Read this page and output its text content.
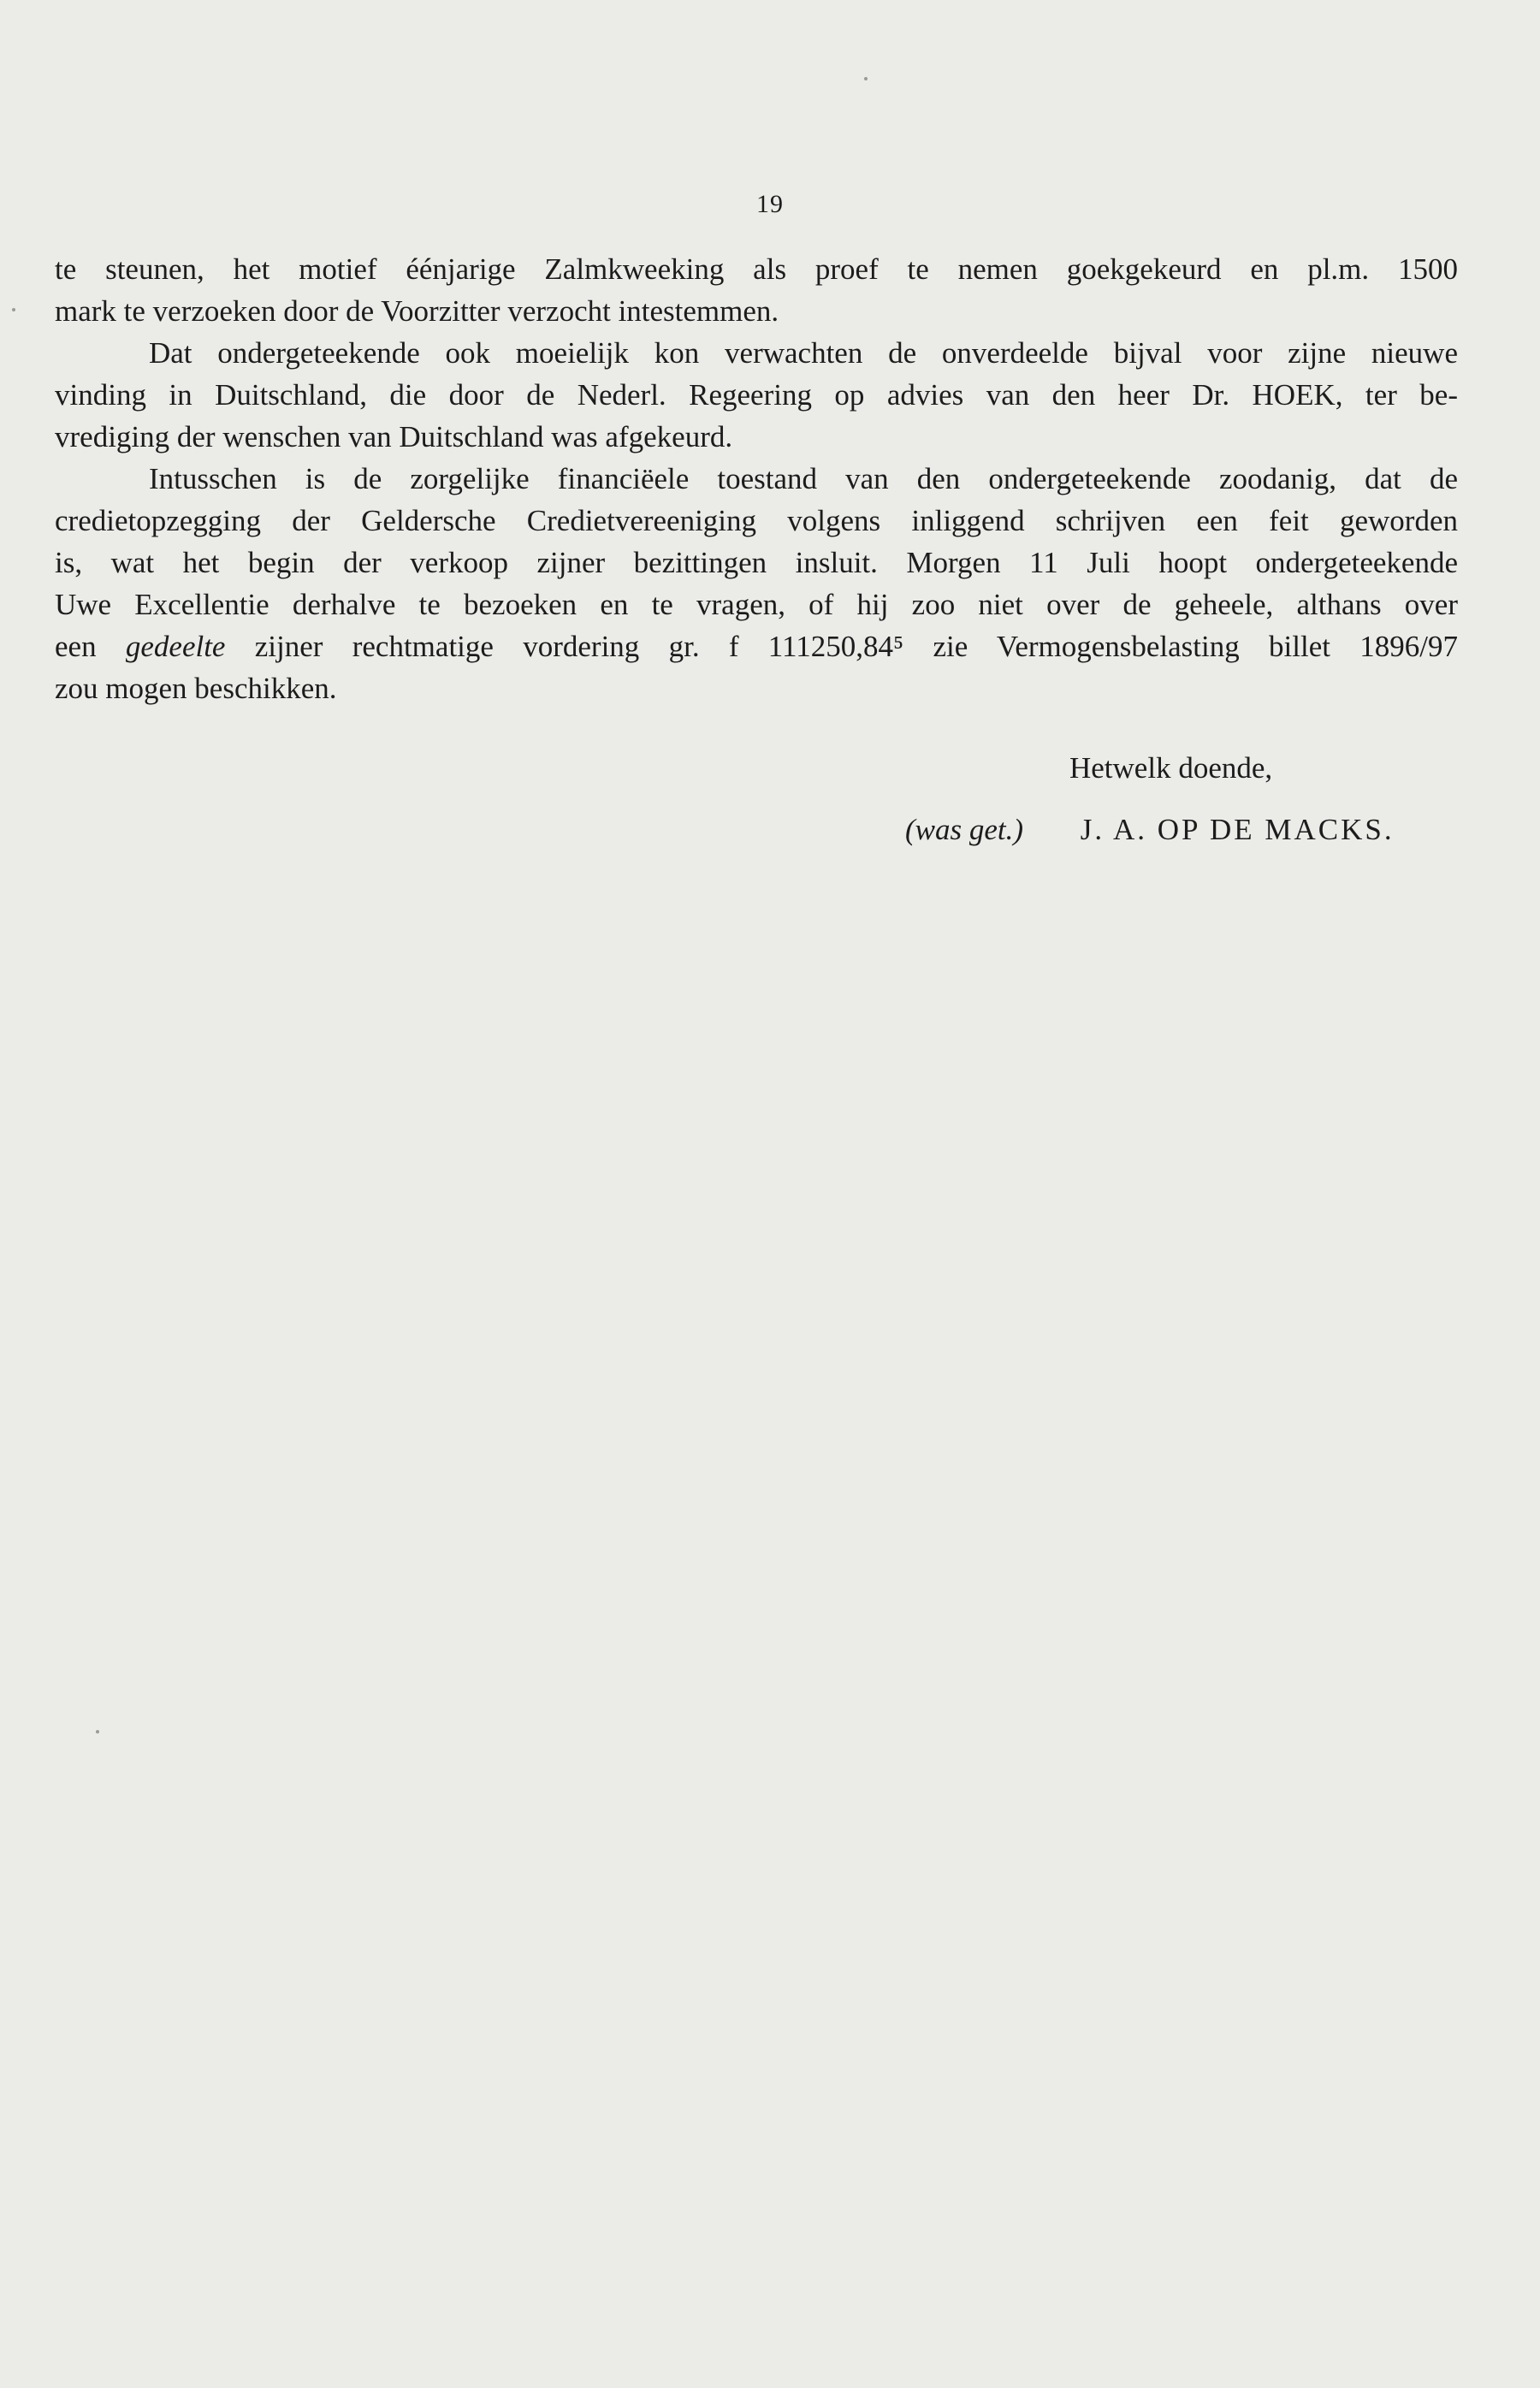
19
te steunen, het motief éénjarige Zalmkweeking als proef te nemen goekgekeurd en pl.m. 1500
mark te verzoeken door de Voorzitter verzocht intestemmen.
Dat ondergeteekende ook moeielijk kon verwachten de onverdeelde bijval voor zijne nieuwe
vinding in Duitschland, die door de Nederl. Regeering op advies van den heer Dr. HOEK, ter be-
vrediging der wenschen van Duitschland was afgekeurd.
Intusschen is de zorgelijke financiëele toestand van den ondergeteekende zoodanig, dat de
credietopzegging der Geldersche Credietvereeniging volgens inliggend schrijven een feit geworden
is, wat het begin der verkoop zijner bezittingen insluit. Morgen 11 Juli hoopt ondergeteekende
Uwe Excellentie derhalve te bezoeken en te vragen, of hij zoo niet over de geheele, althans over
een gedeelte zijner rechtmatige vordering gr. f 111250,84⁵ zie Vermogensbelasting billet 1896/97
zou mogen beschikken.
Hetwelk doende,
(was get.) J. A. OP DE MACKS.
